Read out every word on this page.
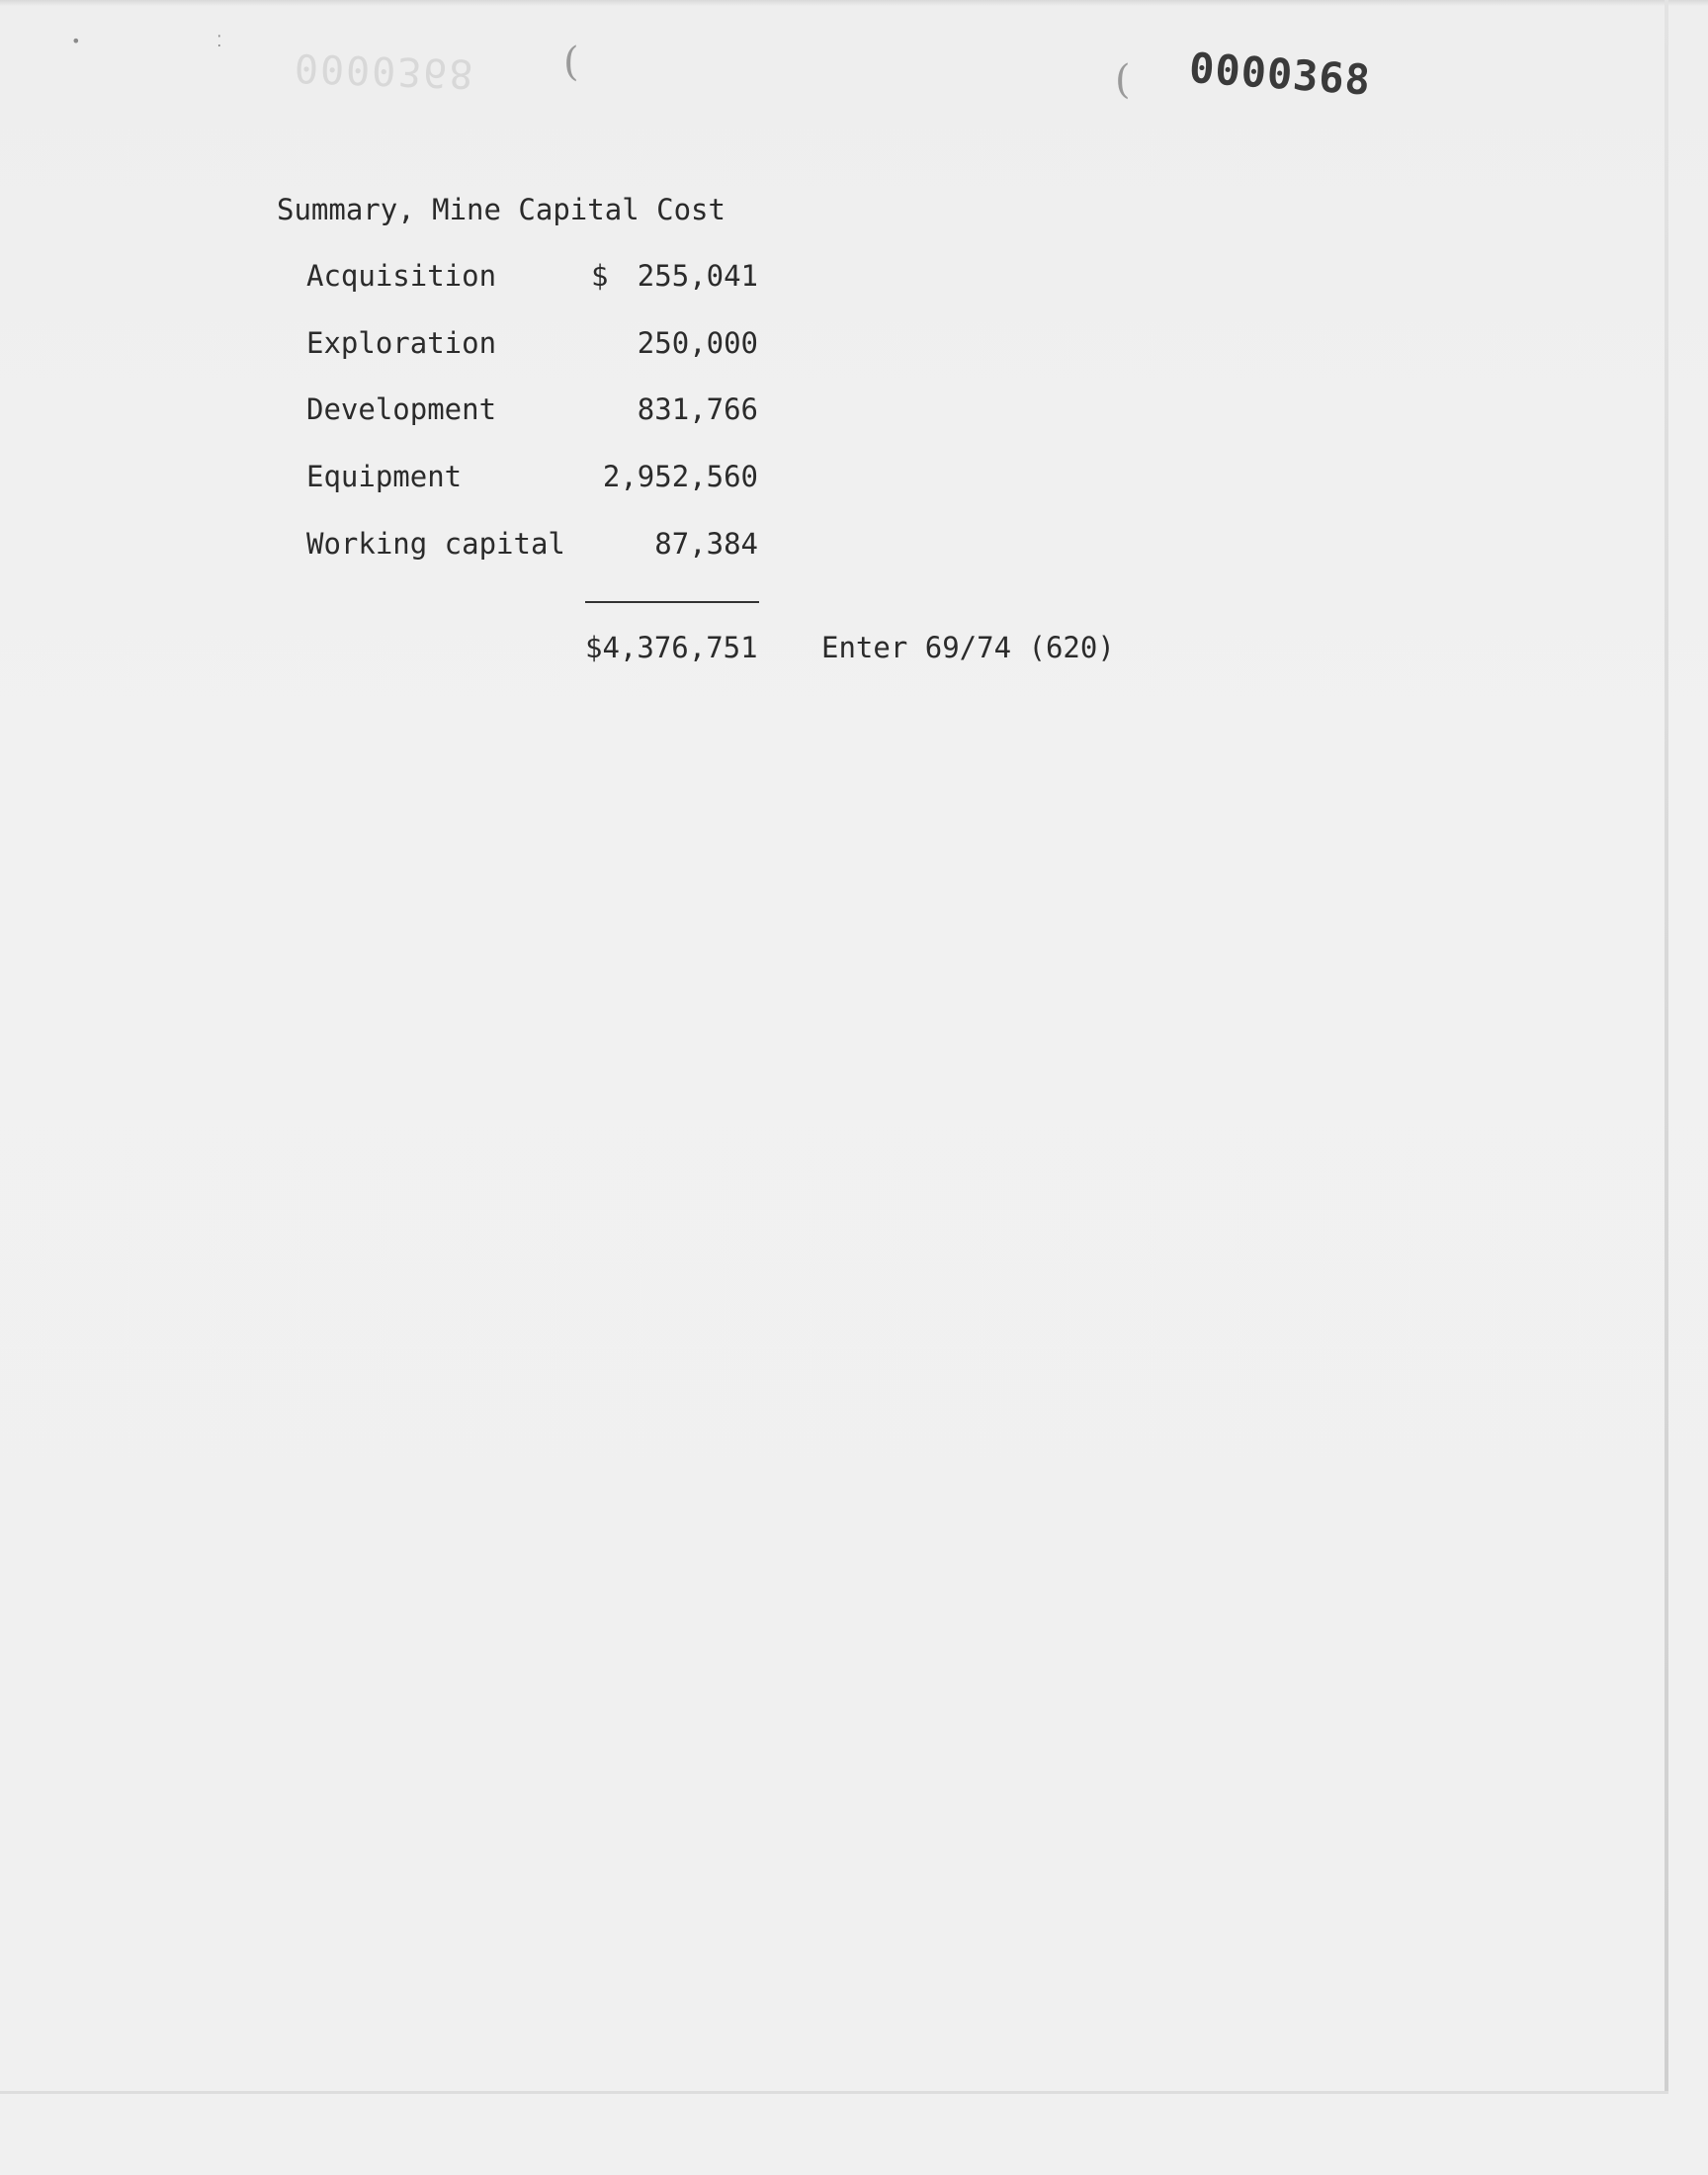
• ⁚
0000368 (	( 0000368
Summary, Mine Capital Cost
Acquisition	$ 255,041
Exploration	250,000
Development	831,766
Equipment	2,952,560
Working capital	87,384
$4,376,751 Enter 69/74 (620)
